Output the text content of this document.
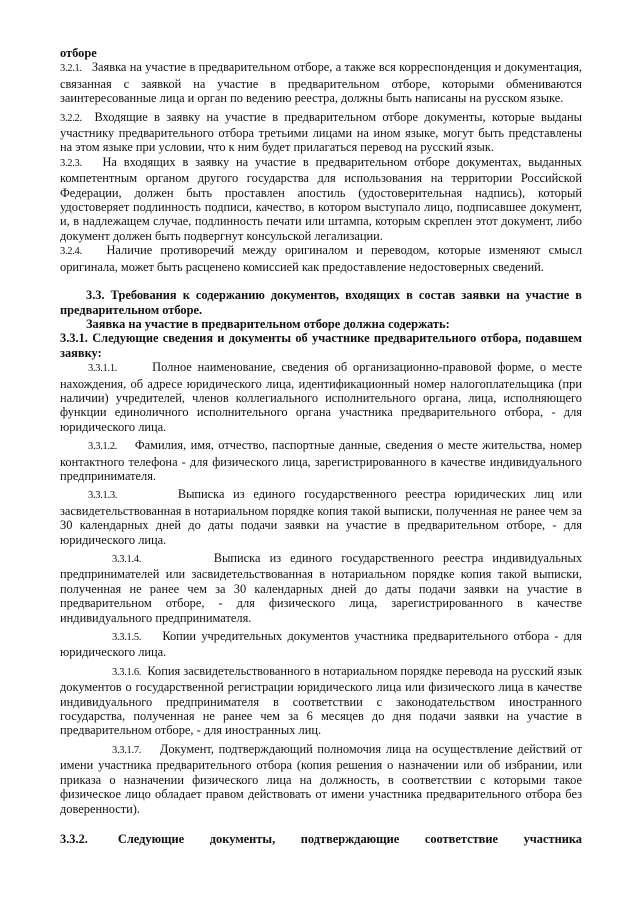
отборе

3.2.1. Заявка на участие в предварительном отборе, а также вся корреспонденция и документация, связанная с заявкой на участие в предварительном отборе, которыми обмениваются заинтересованные лица и орган по ведению реестра, должны быть написаны на русском языке.

3.2.2. Входящие в заявку на участие в предварительном отборе документы, которые выданы участнику предварительного отбора третьими лицами на ином языке, могут быть представлены на этом языке при условии, что к ним будет прилагаться перевод на русский язык.

3.2.3. На входящих в заявку на участие в предварительном отборе документах, выданных компетентным органом другого государства для использования на территории Российской Федерации, должен быть проставлен апостиль (удостоверительная надпись), который удостоверяет подлинность подписи, качество, в котором выступало лицо, подписавшее документ, и, в надлежащем случае, подлинность печати или штампа, которым скреплен этот документ, либо документ должен быть подвергнут консульской легализации.

3.2.4. Наличие противоречий между оригиналом и переводом, которые изменяют смысл оригинала, может быть расценено комиссией как предоставление недостоверных сведений.

3.3. Требования к содержанию документов, входящих в состав заявки на участие в предварительном отборе.

Заявка на участие в предварительном отборе должна содержать:

3.3.1. Следующие сведения и документы об участнике предварительного отбора, подавшем заявку:

3.3.1.1.	Полное наименование, сведения об организационно-правовой форме, о месте нахождения, об адресе юридического лица, идентификационный номер налогоплательщика (при наличии) учредителей, членов коллегиального исполнительного органа, лица, исполняющего функции единоличного исполнительного органа участника предварительного отбора, - для юридического лица.

3.3.1.2. Фамилия, имя, отчество, паспортные данные, сведения о месте жительства, номер контактного телефона - для физического лица, зарегистрированного в качестве индивидуального предпринимателя.

3.3.1.3.	Выписка из единого государственного реестра юридических лиц или засвидетельствованная в нотариальном порядке копия такой выписки, полученная не ранее чем за 30 календарных дней до даты подачи заявки на участие в предварительном отборе, - для юридического лица.

3.3.1.4.	Выписка из единого государственного реестра индивидуальных предпринимателей или засвидетельствованная в нотариальном порядке копия такой выписки, полученная не ранее чем за 30 календарных дней до даты подачи заявки на участие в предварительном отборе, - для физического лица, зарегистрированного в качестве индивидуального предпринимателя.

3.3.1.5. Копии учредительных документов участника предварительного отбора - для юридического лица.

3.3.1.6. Копия засвидетельствованного в нотариальном порядке перевода на русский язык документов о государственной регистрации юридического лица или физического лица в качестве индивидуального предпринимателя в соответствии с законодательством иностранного государства, полученная не ранее чем за 6 месяцев до дня подачи заявки на участие в предварительном отборе, - для иностранных лиц.

3.3.1.7. Документ, подтверждающий полномочия лица на осуществление действий от имени участника предварительного отбора (копия решения о назначении или об избрании, или приказа о назначении физического лица на должность, в соответствии с которыми такое физическое лицо обладает правом действовать от имени участника предварительного отбора без доверенности).

3.3.2. Следующие документы, подтверждающие соответствие участника
